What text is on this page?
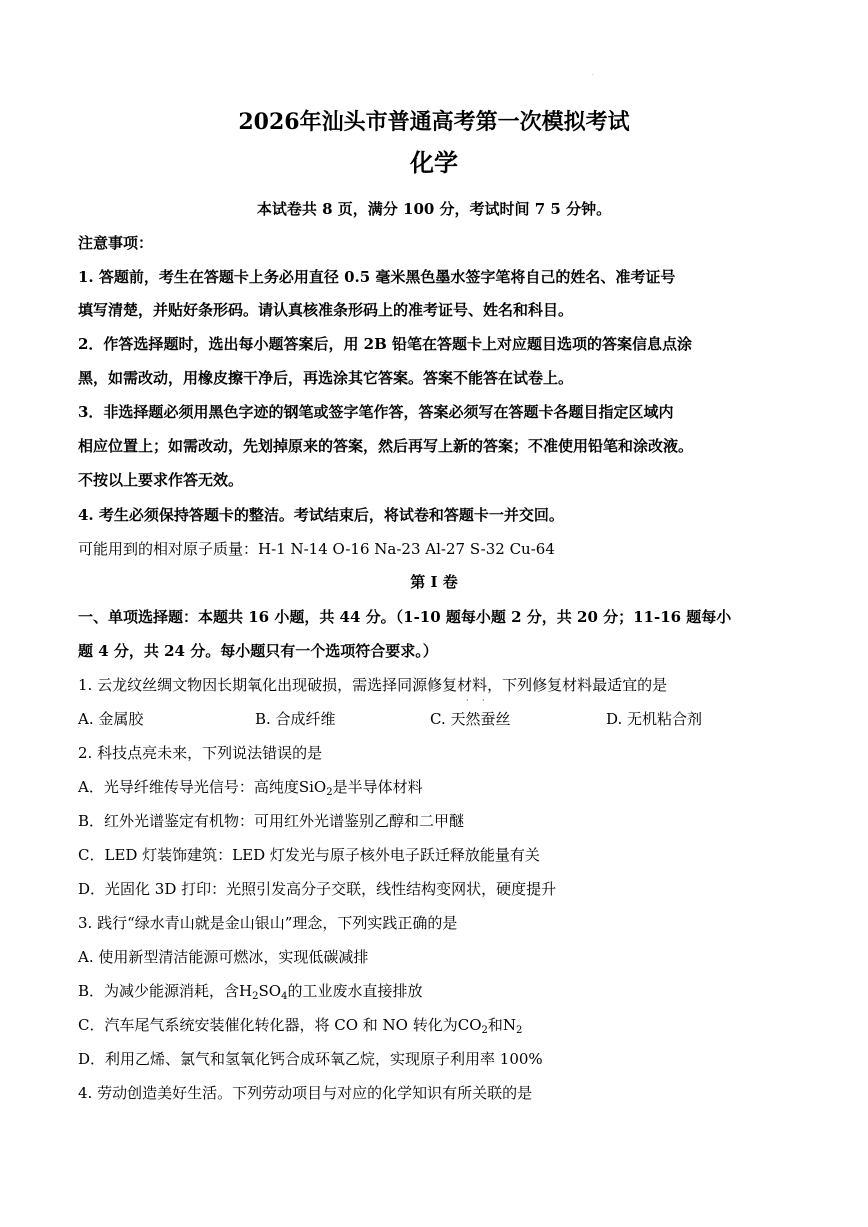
·
2026年汕头市普通高考第一次模拟考试
化学
本试卷共 8 页，满分 100 分，考试时间 7 5 分钟。
注意事项：
1. 答题前，考生在答题卡上务必用直径 0.5 毫米黑色墨水签字笔将自己的姓名、准考证号
填写清楚，并贴好条形码。请认真核准条形码上的准考证号、姓名和科目。
2．作答选择题时，选出每小题答案后，用 2B 铅笔在答题卡上对应题目选项的答案信息点涂
黑，如需改动，用橡皮擦干净后，再选涂其它答案。答案不能答在试卷上。
3．非选择题必须用黑色字迹的钢笔或签字笔作答，答案必须写在答题卡各题目指定区域内
相应位置上；如需改动，先划掉原来的答案，然后再写上新的答案；不准使用铅笔和涂改液。
不按以上要求作答无效。
4. 考生必须保持答题卡的整洁。考试结束后，将试卷和答题卡一并交回。
可能用到的相对原子质量：H-1 N-14 O-16 Na-23 Al-27 S-32 Cu-64
第 I 卷
一、单项选择题：本题共 16 小题，共 44 分。（1-10 题每小题 2 分，共 20 分；11-16 题每小
题 4 分，共 24 分。每小题只有一个选项符合要求。）
1. 云龙纹丝绸文物因长期氧化出现破损，需选择同源修复材料，下列修复材料最适宜的是
· ·
A. 金属胶	B. 合成纤维	C. 天然蚕丝	D. 无机粘合剂
2. 科技点亮未来，下列说法错误的是
A．光导纤维传导光信号：高纯度SiO$_2$是半导体材料
B．红外光谱鉴定有机物：可用红外光谱鉴别乙醇和二甲醚
C．LED 灯装饰建筑：LED 灯发光与原子核外电子跃迁释放能量有关
D．光固化 3D 打印：光照引发高分子交联，线性结构变网状，硬度提升
3. 践行“绿水青山就是金山银山”理念，下列实践正确的是
A. 使用新型清洁能源可燃冰，实现低碳减排
B．为减少能源消耗，含$H_2SO_4$的工业废水直接排放
C．汽车尾气系统安装催化转化器，将 CO 和 NO 转化为$CO_2$和$N_2$
D．利用乙烯、氯气和氢氧化钙合成环氧乙烷，实现原子利用率 100%
4. 劳动创造美好生活。下列劳动项目与对应的化学知识有所关联的是
